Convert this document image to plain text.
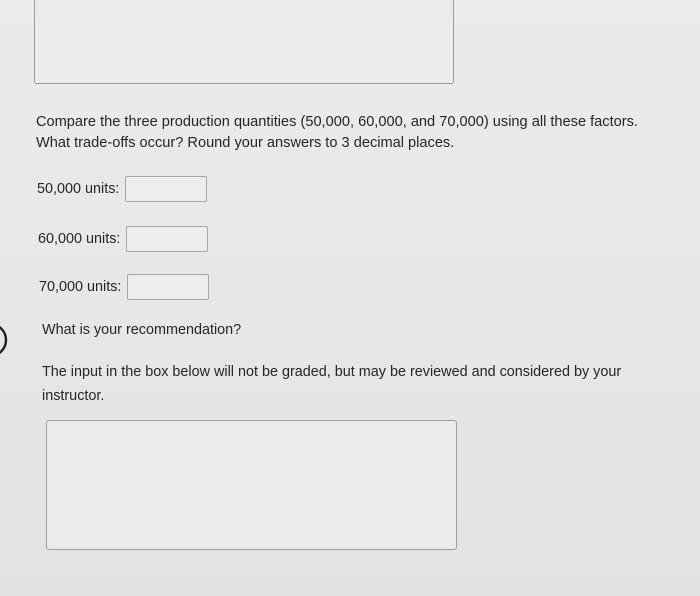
Compare the three production quantities (50,000, 60,000, and 70,000) using all these factors. What trade-offs occur? Round your answers to 3 decimal places.

50,000 units:
60,000 units:
70,000 units:

What is your recommendation?

The input in the box below will not be graded, but may be reviewed and considered by your instructor.
